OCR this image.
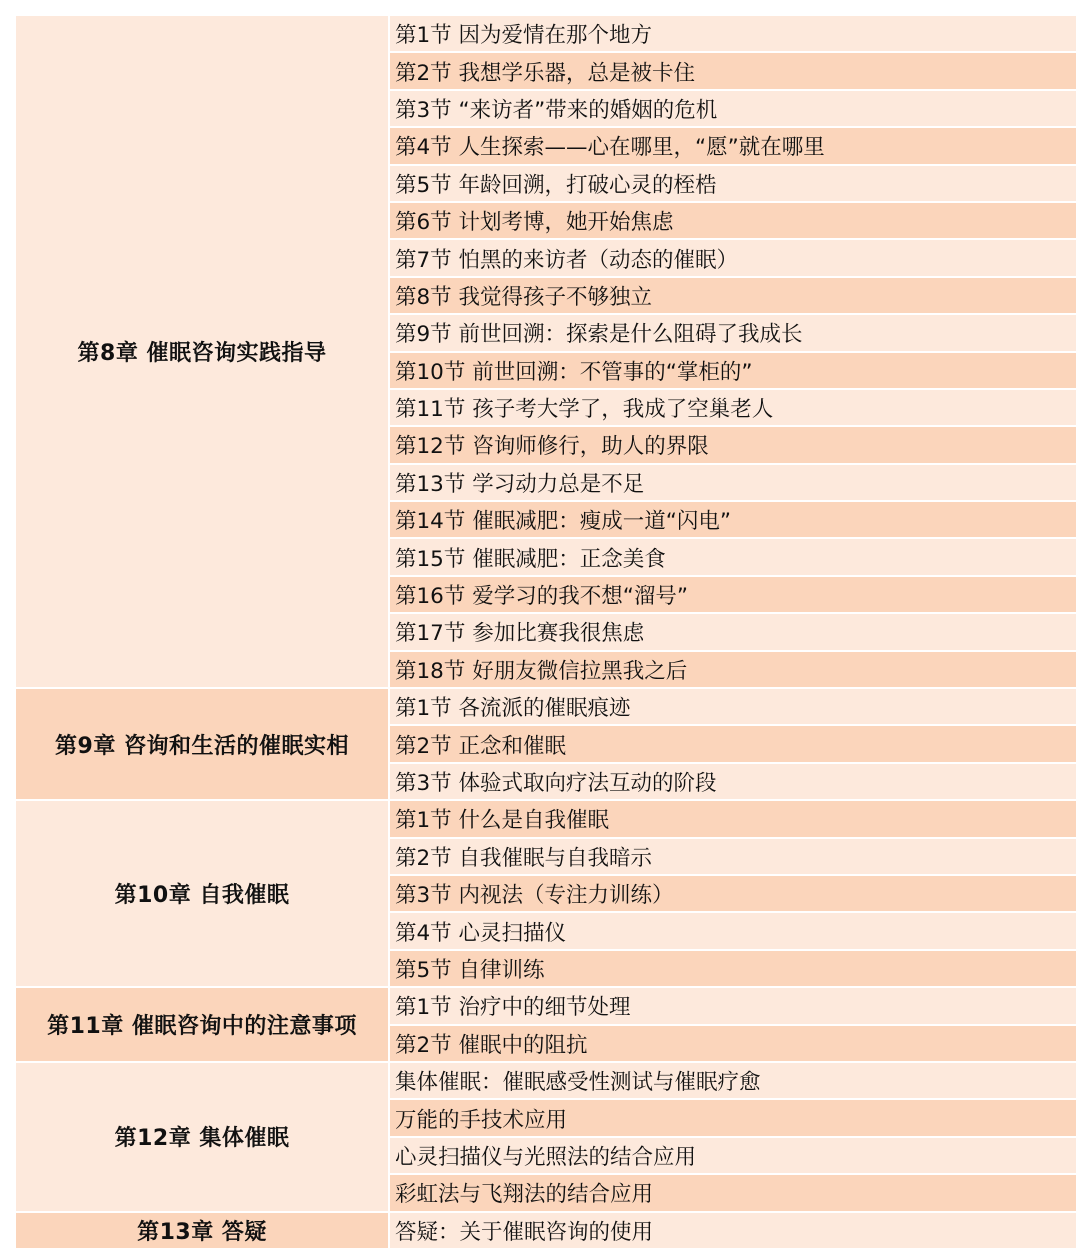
第8章 催眠咨询实践指导	第1节 因为爱情在那个地方
	第2节 我想学乐器，总是被卡住
	第3节 “来访者”带来的婚姻的危机
	第4节 人生探索——心在哪里，“愿”就在哪里
	第5节 年龄回溯，打破心灵的桎梏
	第6节 计划考博，她开始焦虑
	第7节 怕黑的来访者（动态的催眠）
	第8节 我觉得孩子不够独立
	第9节 前世回溯：探索是什么阻碍了我成长
	第10节 前世回溯：不管事的“掌柜的”
	第11节 孩子考大学了，我成了空巢老人
	第12节 咨询师修行，助人的界限
	第13节 学习动力总是不足
	第14节 催眠减肥：瘦成一道“闪电”
	第15节 催眠减肥：正念美食
	第16节 爱学习的我不想“溜号”
	第17节 参加比赛我很焦虑
	第18节 好朋友微信拉黑我之后
第9章 咨询和生活的催眠实相	第1节 各流派的催眠痕迹
	第2节 正念和催眠
	第3节 体验式取向疗法互动的阶段
第10章 自我催眠	第1节 什么是自我催眠
	第2节 自我催眠与自我暗示
	第3节 内视法（专注力训练）
	第4节 心灵扫描仪
	第5节 自律训练
第11章 催眠咨询中的注意事项	第1节 治疗中的细节处理
	第2节 催眠中的阻抗
第12章 集体催眠	集体催眠：催眠感受性测试与催眠疗愈
	万能的手技术应用
	心灵扫描仪与光照法的结合应用
	彩虹法与飞翔法的结合应用
第13章 答疑	答疑：关于催眠咨询的使用
